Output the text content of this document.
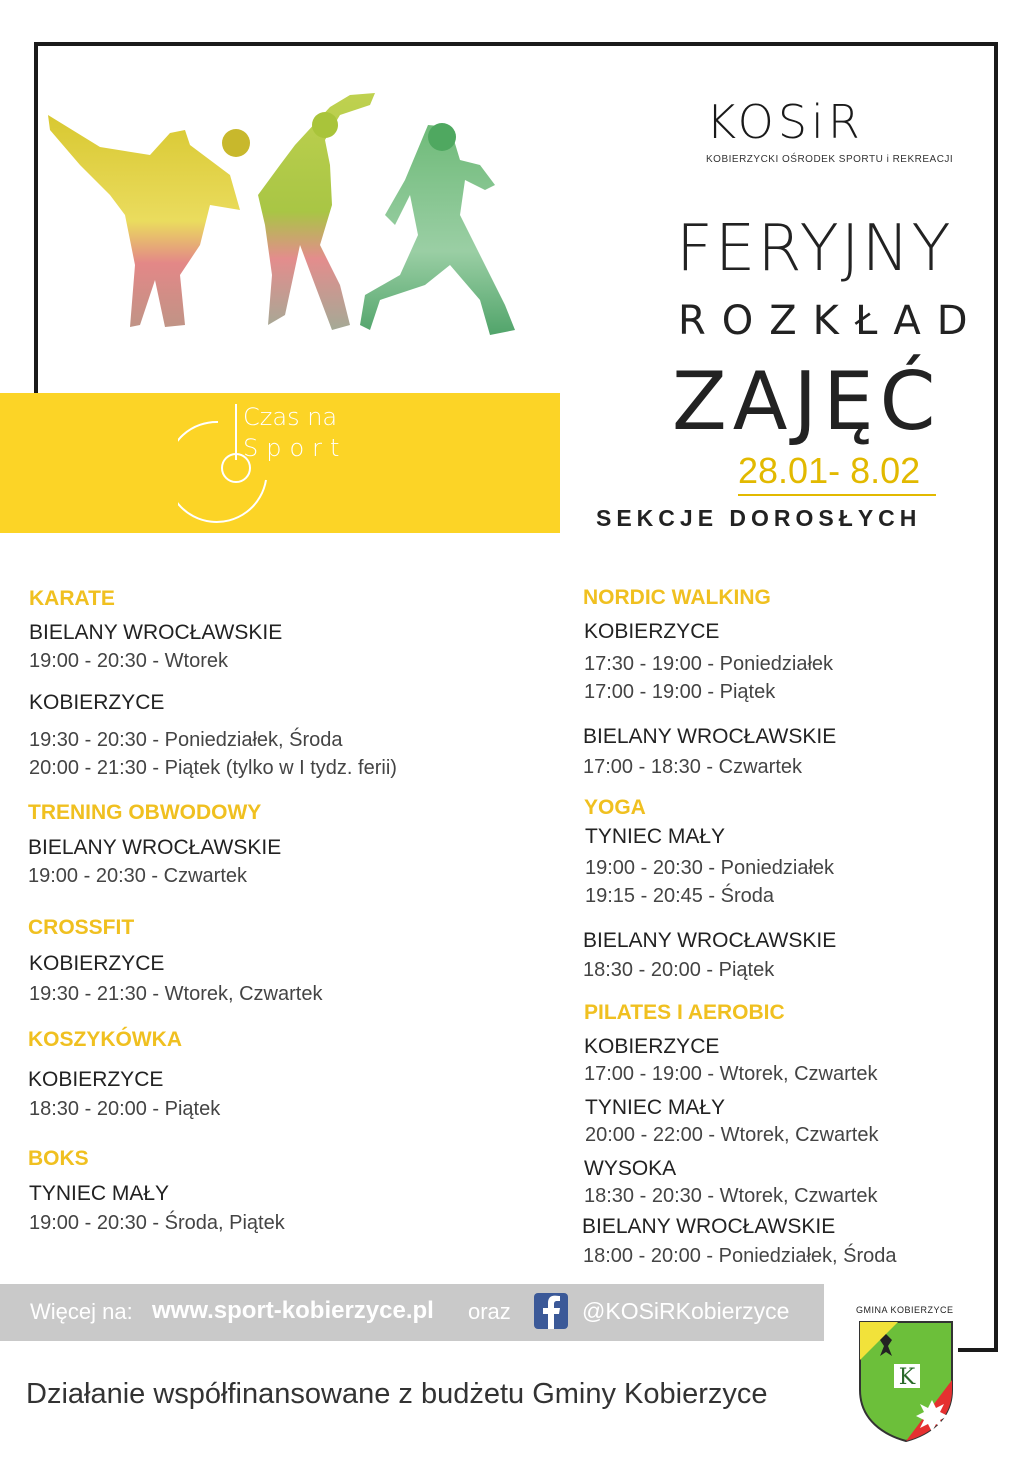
Czas na
Sport
KOSiR
KOBIERZYCKI OŚRODEK SPORTU i REKREACJI
FERYJNY
ROZKŁAD
ZAJĘĆ
28.01- 8.02
SEKCJE DOROSŁYCH
KARATE
BIELANY WROCŁAWSKIE
19:00 - 20:30 - Wtorek
KOBIERZYCE
19:30 - 20:30 - Poniedziałek, Środa
20:00 - 21:30 - Piątek (tylko w I tydz. ferii)
TRENING OBWODOWY
BIELANY WROCŁAWSKIE
19:00 - 20:30 - Czwartek
CROSSFIT
KOBIERZYCE
19:30 - 21:30 - Wtorek, Czwartek
KOSZYKÓWKA
KOBIERZYCE
18:30 - 20:00 - Piątek
BOKS
TYNIEC MAŁY
19:00 - 20:30 - Środa, Piątek
NORDIC WALKING
KOBIERZYCE
17:30 - 19:00 - Poniedziałek
17:00 - 19:00 - Piątek
BIELANY WROCŁAWSKIE
17:00 - 18:30 - Czwartek
YOGA
TYNIEC MAŁY
19:00 - 20:30 - Poniedziałek
19:15 - 20:45 - Środa
BIELANY WROCŁAWSKIE
18:30 - 20:00 - Piątek
PILATES I AEROBIC
KOBIERZYCE
17:00 - 19:00 - Wtorek, Czwartek
TYNIEC MAŁY
20:00 - 22:00 - Wtorek, Czwartek
WYSOKA
18:30 - 20:30 - Wtorek, Czwartek
BIELANY WROCŁAWSKIE
18:00 - 20:00 - Poniedziałek, Środa
Więcej na: www.sport-kobierzyce.pl oraz	@KOSiRKobierzyce
Działanie współfinansowane z budżetu Gminy Kobierzyce
GMINA KOBIERZYCE
K
